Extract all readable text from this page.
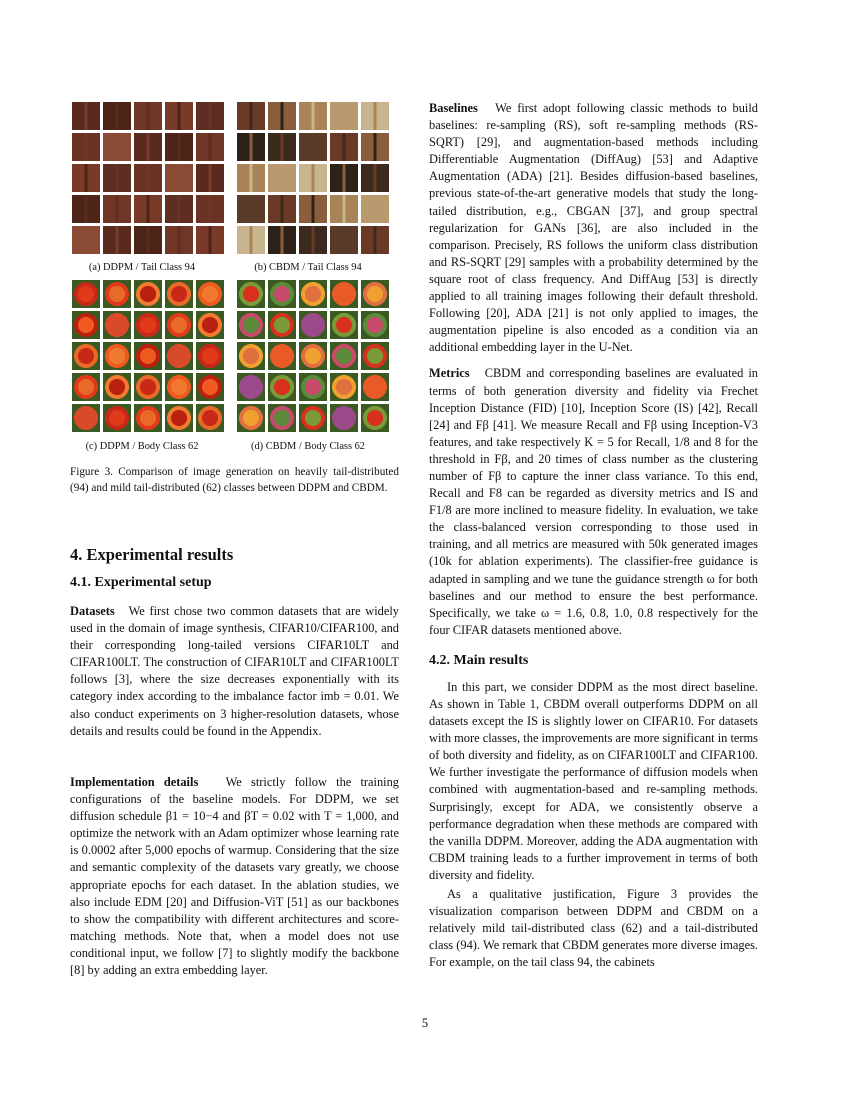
(a) DDPM / Tail Class 94	(b) CBDM / Tail Class 94
(c) DDPM / Body Class 62	(d) CBDM / Body Class 62
Figure 3. Comparison of image generation on heavily tail-distributed (94) and mild tail-distributed (62) classes between DDPM and CBDM.
4. Experimental results
4.1. Experimental setup

Datasets We first chose two common datasets that are widely used in the domain of image synthesis, CIFAR10/CIFAR100, and their corresponding long-tailed versions CIFAR10LT and CIFAR100LT. The construction of CIFAR10LT and CIFAR100LT follows [3], where the size decreases exponentially with its category index according to the imbalance factor imb = 0.01. We also conduct experiments on 3 higher-resolution datasets, whose details and results could be found in the Appendix.

Implementation details We strictly follow the training configurations of the baseline models. For DDPM, we set diffusion schedule β1 = 10−4 and βT = 0.02 with T = 1,000, and optimize the network with an Adam optimizer whose learning rate is 0.0002 after 5,000 epochs of warmup. Considering that the size and semantic complexity of the datasets vary greatly, we choose appropriate epochs for each dataset. In the ablation studies, we also include EDM [20] and Diffusion-ViT [51] as our backbones to show the compatibility with different architectures and score-matching methods. Note that, when a model does not use conditional input, we follow [7] to slightly modify the backbone [8] by adding an extra embedding layer.

Baselines We first adopt following classic methods to build baselines: re-sampling (RS), soft re-sampling methods (RS-SQRT) [29], and augmentation-based methods including Differentiable Augmentation (DiffAug) [53] and Adaptive Augmentation (ADA) [21]. Besides diffusion-based baselines, previous state-of-the-art generative models that study the long-tailed distribution, e.g., CBGAN [37], and group spectral regularization for GANs [36], are also included in the comparison. Precisely, RS follows the uniform class distribution and RS-SQRT [29] samples with a probability determined by the square root of class frequency. And DiffAug [53] is directly applied to all training images following their default threshold. Following [20], ADA [21] is not only applied to images, the augmentation pipeline is also encoded as a condition via an additional embedding layer in the U-Net.

Metrics CBDM and corresponding baselines are evaluated in terms of both generation diversity and fidelity via Frechet Inception Distance (FID) [10], Inception Score (IS) [42], Recall [24] and Fβ [41]. We measure Recall and Fβ using Inception-V3 features, and take respectively K = 5 for Recall, 1/8 and 8 for the threshold in Fβ, and 20 times of class number as the clustering number of Fβ to capture the inner class variance. To this end, Recall and F8 can be regarded as diversity metrics and IS and F1/8 are more inclined to measure fidelity. In evaluation, we take the class-balanced version corresponding to those used in training, and all metrics are measured with 50k generated images (10k for ablation experiments). The classifier-free guidance is adapted in sampling and we tune the guidance strength ω for both baselines and our method to ensure the best performance. Specifically, we take ω = 1.6, 0.8, 1.0, 0.8 respectively for the four CIFAR datasets mentioned above.

4.2. Main results

In this part, we consider DDPM as the most direct baseline. As shown in Table 1, CBDM overall outperforms DDPM on all datasets except the IS is slightly lower on CIFAR10. For datasets with more classes, the improvements are more significant in terms of both diversity and fidelity, as on CIFAR100LT and CIFAR100. We further investigate the performance of diffusion models when combined with augmentation-based and re-sampling methods. Surprisingly, except for ADA, we consistently observe a performance degradation when these methods are compared with the vanilla DDPM. Moreover, adding the ADA augmentation with CBDM training leads to a further improvement in terms of both diversity and fidelity.

As a qualitative justification, Figure 3 provides the visualization comparison between DDPM and CBDM on a relatively mild tail-distributed class (62) and a tail-distributed class (94). We remark that CBDM generates more diverse images. For example, on the tail class 94, the cabinets

5
